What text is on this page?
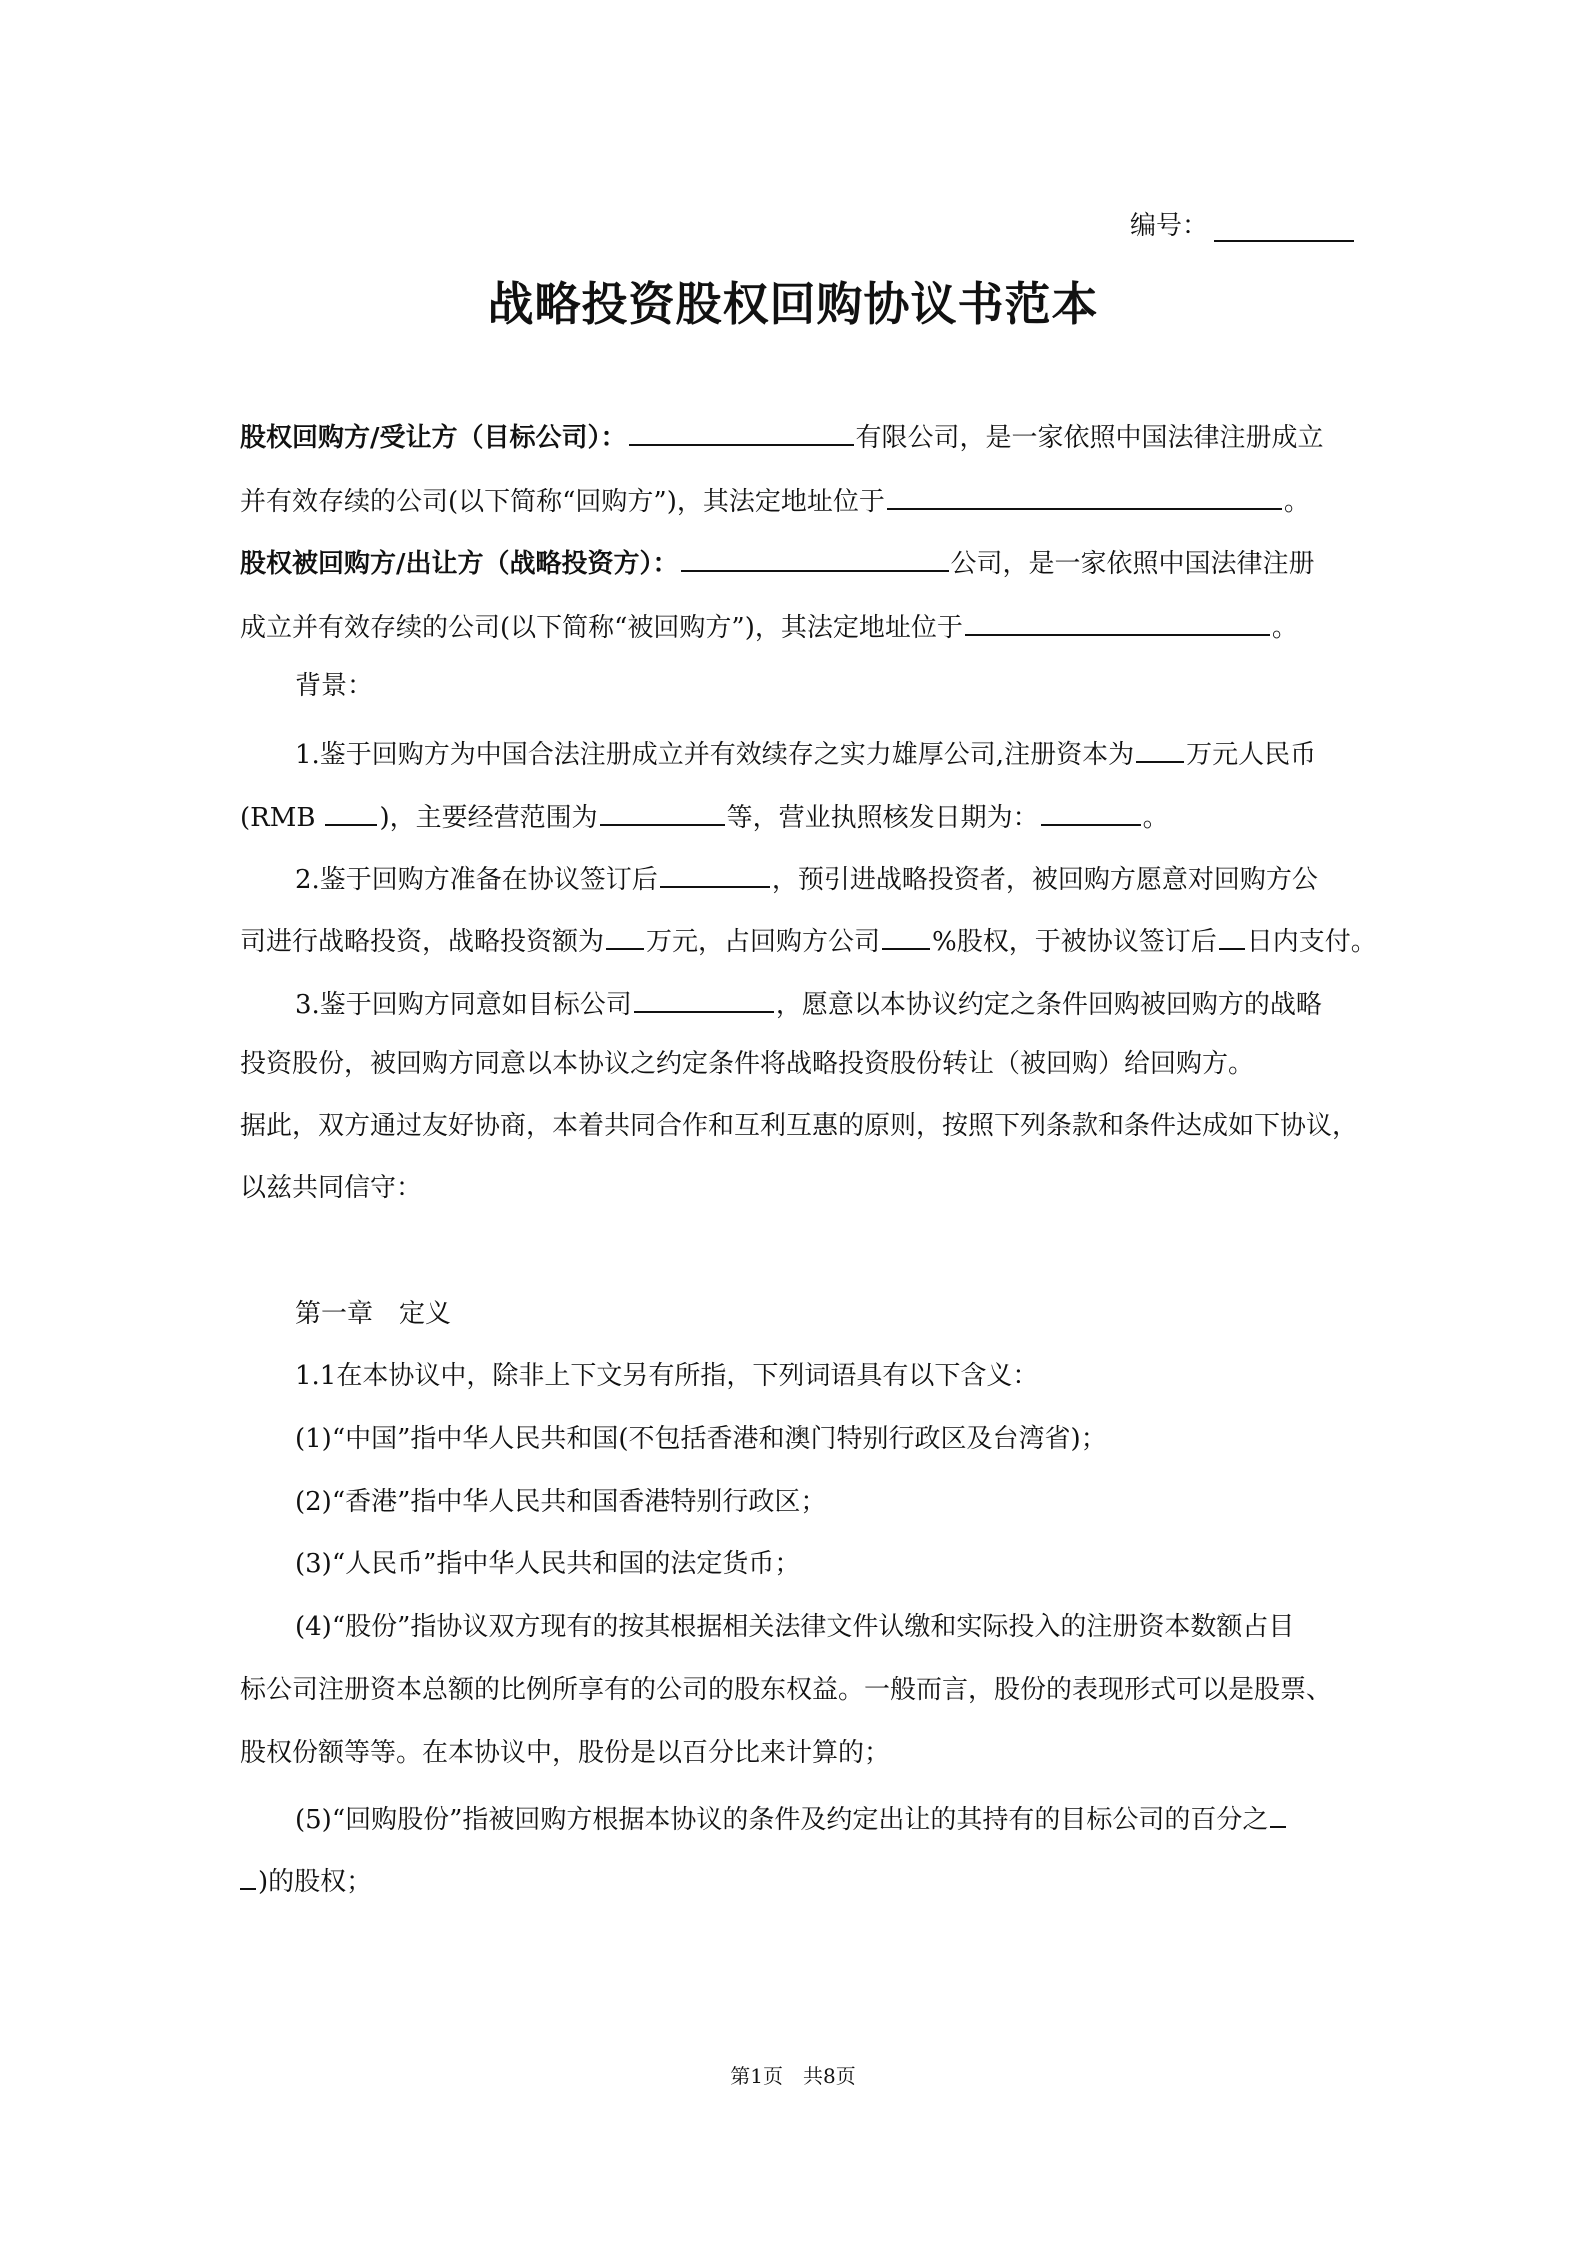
编号：
战略投资股权回购协议书范本
股权回购方/受让方（目标公司）：	有限公司，是一家依照中国法律注册成立
并有效存续的公司(以下简称“回购方”)，其法定地址位于	。
股权被回购方/出让方（战略投资方）：	公司，是一家依照中国法律注册
成立并有效存续的公司(以下简称“被回购方”)，其法定地址位于	。
背景：
1.鉴于回购方为中国合法注册成立并有效续存之实力雄厚公司,注册资本为 万元人民币
(RMB )，主要经营范围为	等，营业执照核发日期为：	。
2.鉴于回购方准备在协议签订后	，预引进战略投资者，被回购方愿意对回购方公
司进行战略投资，战略投资额为 万元，占回购方公司 %股权，于被协议签订后 日内支付。
3.鉴于回购方同意如目标公司	，愿意以本协议约定之条件回购被回购方的战略
投资股份，被回购方同意以本协议之约定条件将战略投资股份转让（被回购）给回购方。
据此，双方通过友好协商，本着共同合作和互利互惠的原则，按照下列条款和条件达成如下协议，
以兹共同信守：
第一章　定义
1.1在本协议中，除非上下文另有所指，下列词语具有以下含义：
(1)“中国”指中华人民共和国(不包括香港和澳门特别行政区及台湾省)；
(2)“香港”指中华人民共和国香港特别行政区；
(3)“人民币”指中华人民共和国的法定货币；
(4)“股份”指协议双方现有的按其根据相关法律文件认缴和实际投入的注册资本数额占目
标公司注册资本总额的比例所享有的公司的股东权益。一般而言，股份的表现形式可以是股票、
股权份额等等。在本协议中，股份是以百分比来计算的；
(5)“回购股份”指被回购方根据本协议的条件及约定出让的其持有的目标公司的百分之
)的股权；
第1页　共8页
